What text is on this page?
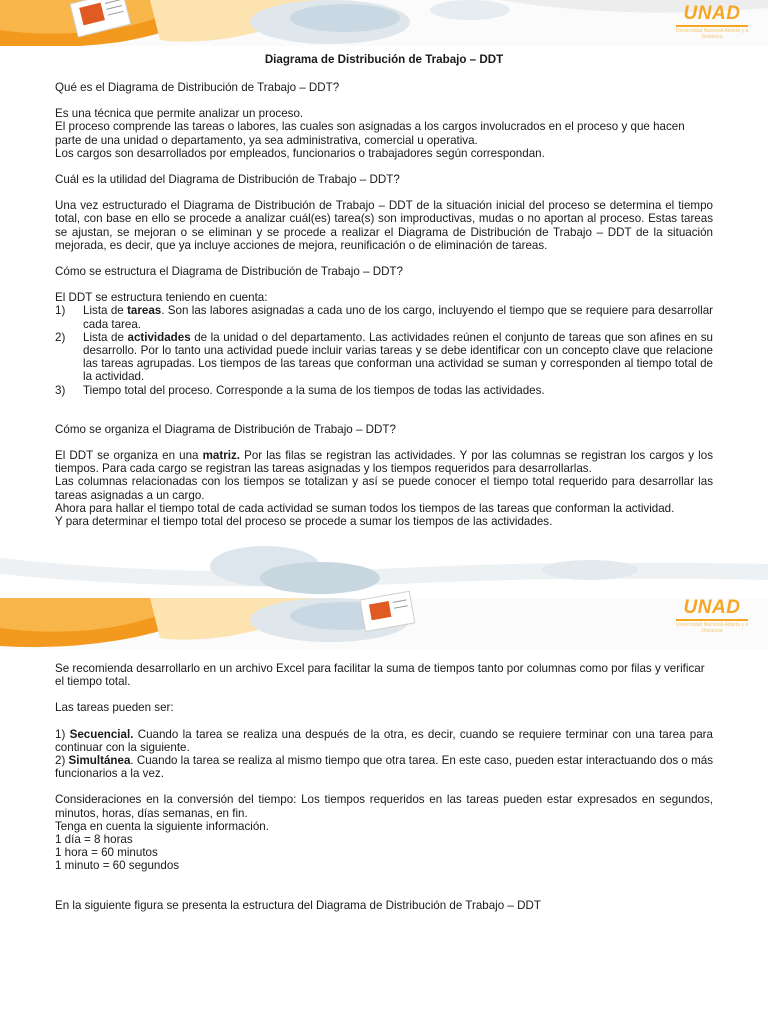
UNAD
Universidad Nacional Abierta y a Distancia
Diagrama de Distribución de Trabajo – DDT

Qué es el Diagrama de Distribución de Trabajo – DDT?

Es una técnica que permite analizar un proceso.

El proceso comprende las tareas o labores, las cuales son asignadas a los cargos involucrados en el proceso y que hacen parte de una unidad o departamento, ya sea administrativa, comercial u operativa.

Los cargos son desarrollados por empleados, funcionarios o trabajadores según correspondan.

Cuál es la utilidad del Diagrama de Distribución de Trabajo – DDT?

Una vez estructurado el Diagrama de Distribución de Trabajo – DDT de la situación inicial del proceso se determina el tiempo total, con base en ello se procede a analizar cuál(es) tarea(s) son improductivas, mudas o no aportan al proceso. Estas tareas se ajustan, se mejoran o se eliminan y se procede a realizar el Diagrama de Distribución de Trabajo – DDT de la situación mejorada, es decir, que ya incluye acciones de mejora, reunificación o de eliminación de tareas.

Cómo se estructura el Diagrama de Distribución de Trabajo – DDT?

El DDT se estructura teniendo en cuenta:

1)	Lista de tareas. Son las labores asignadas a cada uno de los cargo, incluyendo el tiempo que se requiere para desarrollar cada tarea.
2)	Lista de actividades de la unidad o del departamento. Las actividades reúnen el conjunto de tareas que son afines en su desarrollo. Por lo tanto una actividad puede incluir varias tareas y se debe identificar con un concepto clave que relacione las tareas agrupadas. Los tiempos de las tareas que conforman una actividad se suman y corresponden al tiempo total de la actividad.
3)	Tiempo total del proceso. Corresponde a la suma de los tiempos de todas las actividades.

Cómo se organiza el Diagrama de Distribución de Trabajo – DDT?

El DDT se organiza en una matriz. Por las filas se registran las actividades. Y por las columnas se registran los cargos y los tiempos. Para cada cargo se registran las tareas asignadas y los tiempos requeridos para desarrollarlas.

Las columnas relacionadas con los tiempos se totalizan y así se puede conocer el tiempo total requerido para desarrollar las tareas asignadas a un cargo.

Ahora para hallar el tiempo total de cada actividad se suman todos los tiempos de las tareas que conforman la actividad.

Y para determinar el tiempo total del proceso se procede a sumar los tiempos de las actividades.

UNAD
Universidad Nacional Abierta y a Distancia

Se recomienda desarrollarlo en un archivo Excel para facilitar la suma de tiempos tanto por columnas como por filas y verificar el tiempo total.

Las tareas pueden ser:

1) Secuencial. Cuando la tarea se realiza una después de la otra, es decir, cuando se requiere terminar con una tarea para continuar con la siguiente.

2) Simultánea. Cuando la tarea se realiza al mismo tiempo que otra tarea. En este caso, pueden estar interactuando dos o más funcionarios a la vez.

Consideraciones en la conversión del tiempo: Los tiempos requeridos en las tareas pueden estar expresados en segundos, minutos, horas, días semanas, en fin.

Tenga en cuenta la siguiente información.

1 día = 8 horas

1 hora = 60 minutos

1 minuto = 60 segundos

En la siguiente figura se presenta la estructura del Diagrama de Distribución de Trabajo – DDT
